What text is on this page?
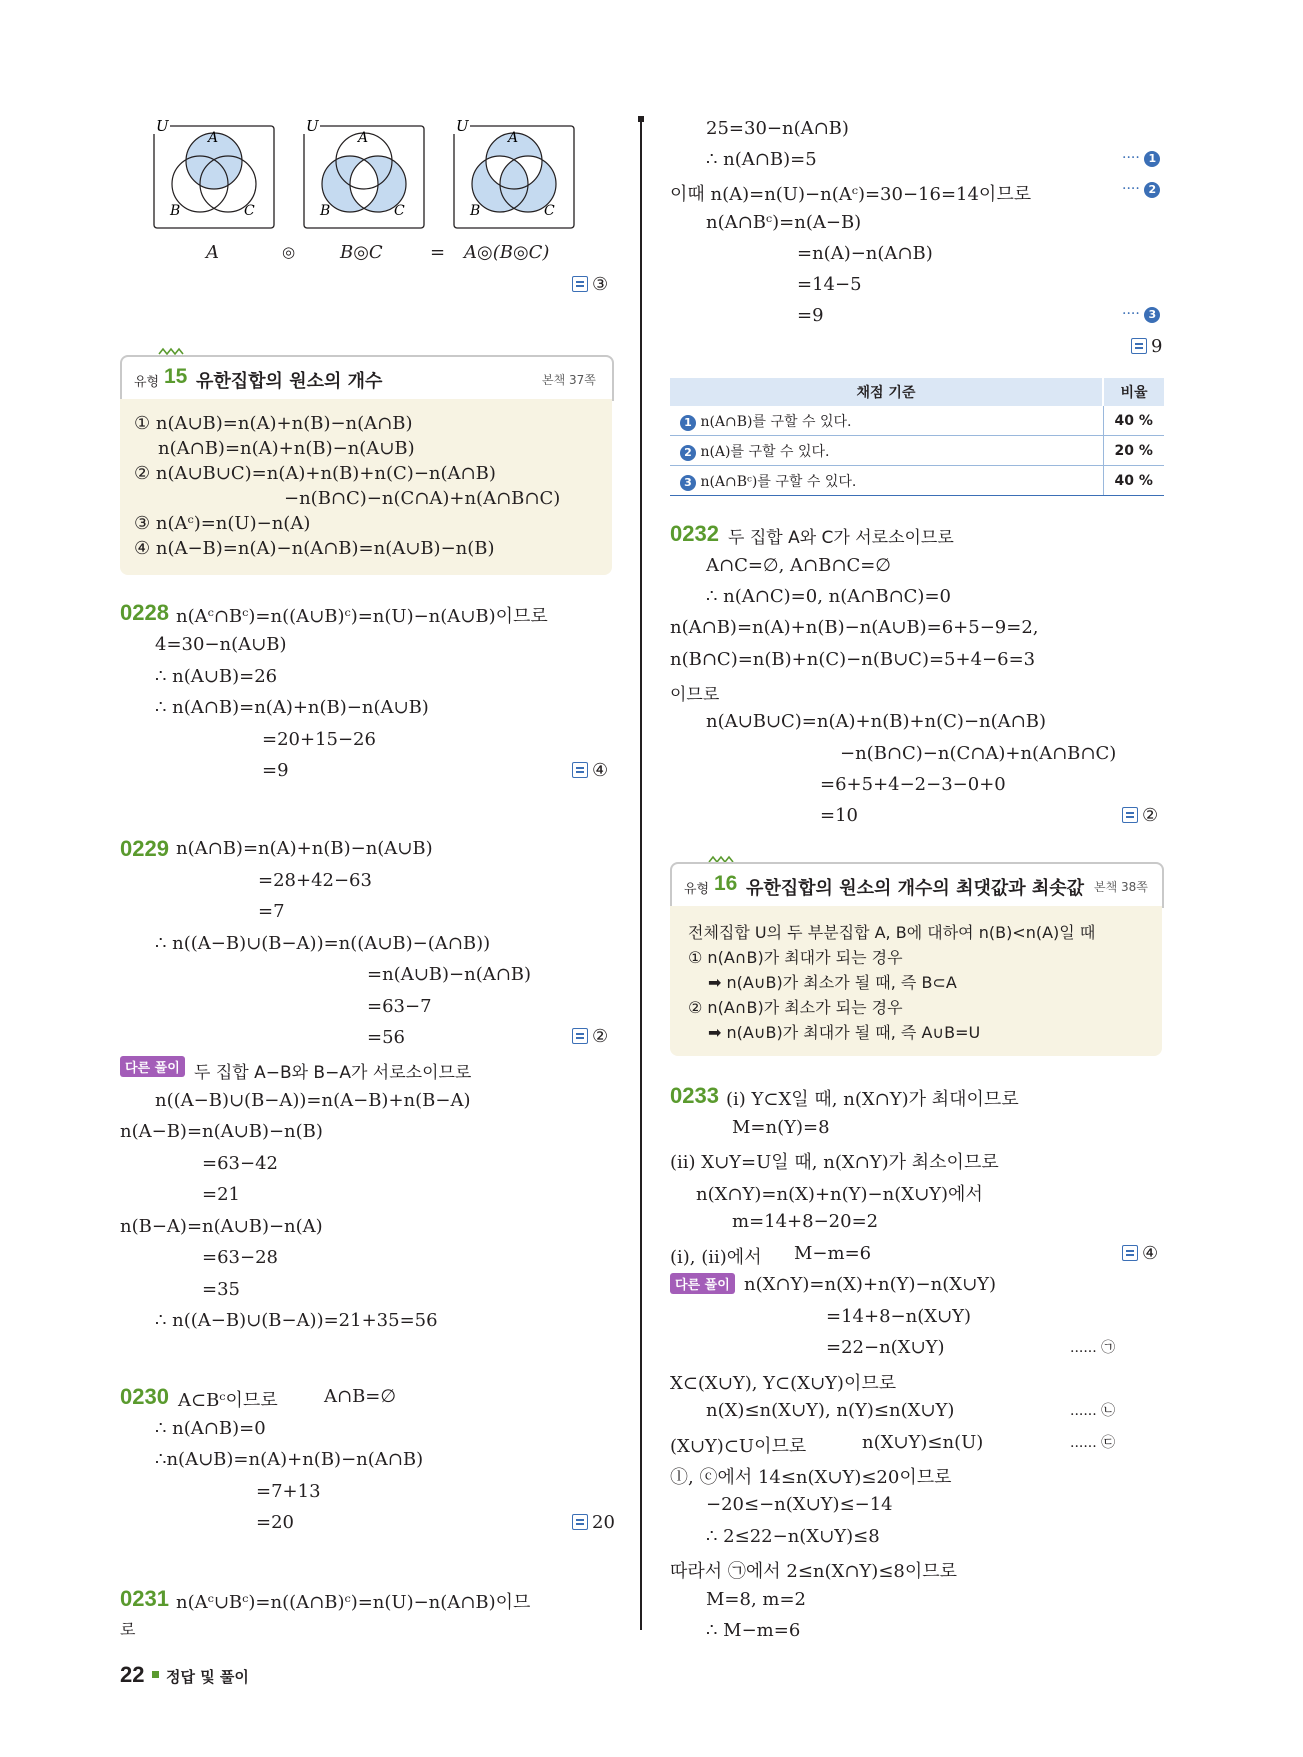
U
A
B	C
U
A
B	C
U
A
B	C
A	◎ B◎C	= A◎(B◎C)
③
유형 15 유한집합의 원소의 개수	본책 37쪽
① n(A∪B)=n(A)+n(B)−n(A∩B)
n(A∩B)=n(A)+n(B)−n(A∪B)
② n(A∪B∪C)=n(A)+n(B)+n(C)−n(A∩B)
−n(B∩C)−n(C∩A)+n(A∩B∩C)
③ n(Aᶜ)=n(U)−n(A)
④ n(A−B)=n(A)−n(A∩B)=n(A∪B)−n(B)
0228 n(Aᶜ∩Bᶜ)=n((A∪B)ᶜ)=n(U)−n(A∪B)이므로
4=30−n(A∪B)
∴ n(A∪B)=26
∴ n(A∩B)=n(A)+n(B)−n(A∪B)
=20+15−26
=9	④
0229 n(A∩B)=n(A)+n(B)−n(A∪B)
=28+42−63
=7
∴ n((A−B)∪(B−A))=n((A∪B)−(A∩B))
=n(A∪B)−n(A∩B)
=63−7
=56	②
다른 풀이 두 집합 A−B와 B−A가 서로소이므로
n((A−B)∪(B−A))=n(A−B)+n(B−A)
n(A−B)=n(A∪B)−n(B)
=63−42
=21
n(B−A)=n(A∪B)−n(A)
=63−28
=35
∴ n((A−B)∪(B−A))=21+35=56
0230 A⊂Bᶜ이므로	A∩B=∅
∴ n(A∩B)=0
∴n(A∪B)=n(A)+n(B)−n(A∩B)
=7+13
=20	20
0231 n(Aᶜ∪Bᶜ)=n((A∩B)ᶜ)=n(U)−n(A∩B)이므
로
22 정답 및 풀이
25=30−n(A∩B)
∴ n(A∩B)=5	···· 1
이때 n(A)=n(U)−n(Aᶜ)=30−16=14이므로	···· 2
n(A∩Bᶜ)=n(A−B)
=n(A)−n(A∩B)
=14−5
=9	···· 3
9
채점 기준	비율
1 n(A∩B)를 구할 수 있다.	40 %
2 n(A)를 구할 수 있다.	20 %
3 n(A∩Bᶜ)를 구할 수 있다.	40 %
0232 두 집합 A와 C가 서로소이므로
A∩C=∅, A∩B∩C=∅
∴ n(A∩C)=0, n(A∩B∩C)=0
n(A∩B)=n(A)+n(B)−n(A∪B)=6+5−9=2,
n(B∩C)=n(B)+n(C)−n(B∪C)=5+4−6=3
이므로
n(A∪B∪C)=n(A)+n(B)+n(C)−n(A∩B)
−n(B∩C)−n(C∩A)+n(A∩B∩C)
=6+5+4−2−3−0+0
=10	②
유형 16 유한집합의 원소의 개수의 최댓값과 최솟값 본책 38쪽
전체집합 U의 두 부분집합 A, B에 대하여 n(B)<n(A)일 때
① n(A∩B)가 최대가 되는 경우
➡ n(A∪B)가 최소가 될 때, 즉 B⊂A
② n(A∩B)가 최소가 되는 경우
➡ n(A∪B)가 최대가 될 때, 즉 A∪B=U
0233 (i) Y⊂X일 때, n(X∩Y)가 최대이므로
M=n(Y)=8
(ii) X∪Y=U일 때, n(X∩Y)가 최소이므로
n(X∩Y)=n(X)+n(Y)−n(X∪Y)에서
m=14+8−20=2
(i), (ii)에서 M−m=6	④
다른 풀이 n(X∩Y)=n(X)+n(Y)−n(X∪Y)
=14+8−n(X∪Y)
=22−n(X∪Y)	...... ㉠
X⊂(X∪Y), Y⊂(X∪Y)이므로
n(X)≤n(X∪Y), n(Y)≤n(X∪Y)	...... ㉡
(X∪Y)⊂U이므로	n(X∪Y)≤n(U)	...... ㉢
ⓛ, ⓒ에서 14≤n(X∪Y)≤20이므로
−20≤−n(X∪Y)≤−14
∴ 2≤22−n(X∪Y)≤8
따라서 ㉠에서 2≤n(X∩Y)≤8이므로
M=8, m=2
∴ M−m=6
